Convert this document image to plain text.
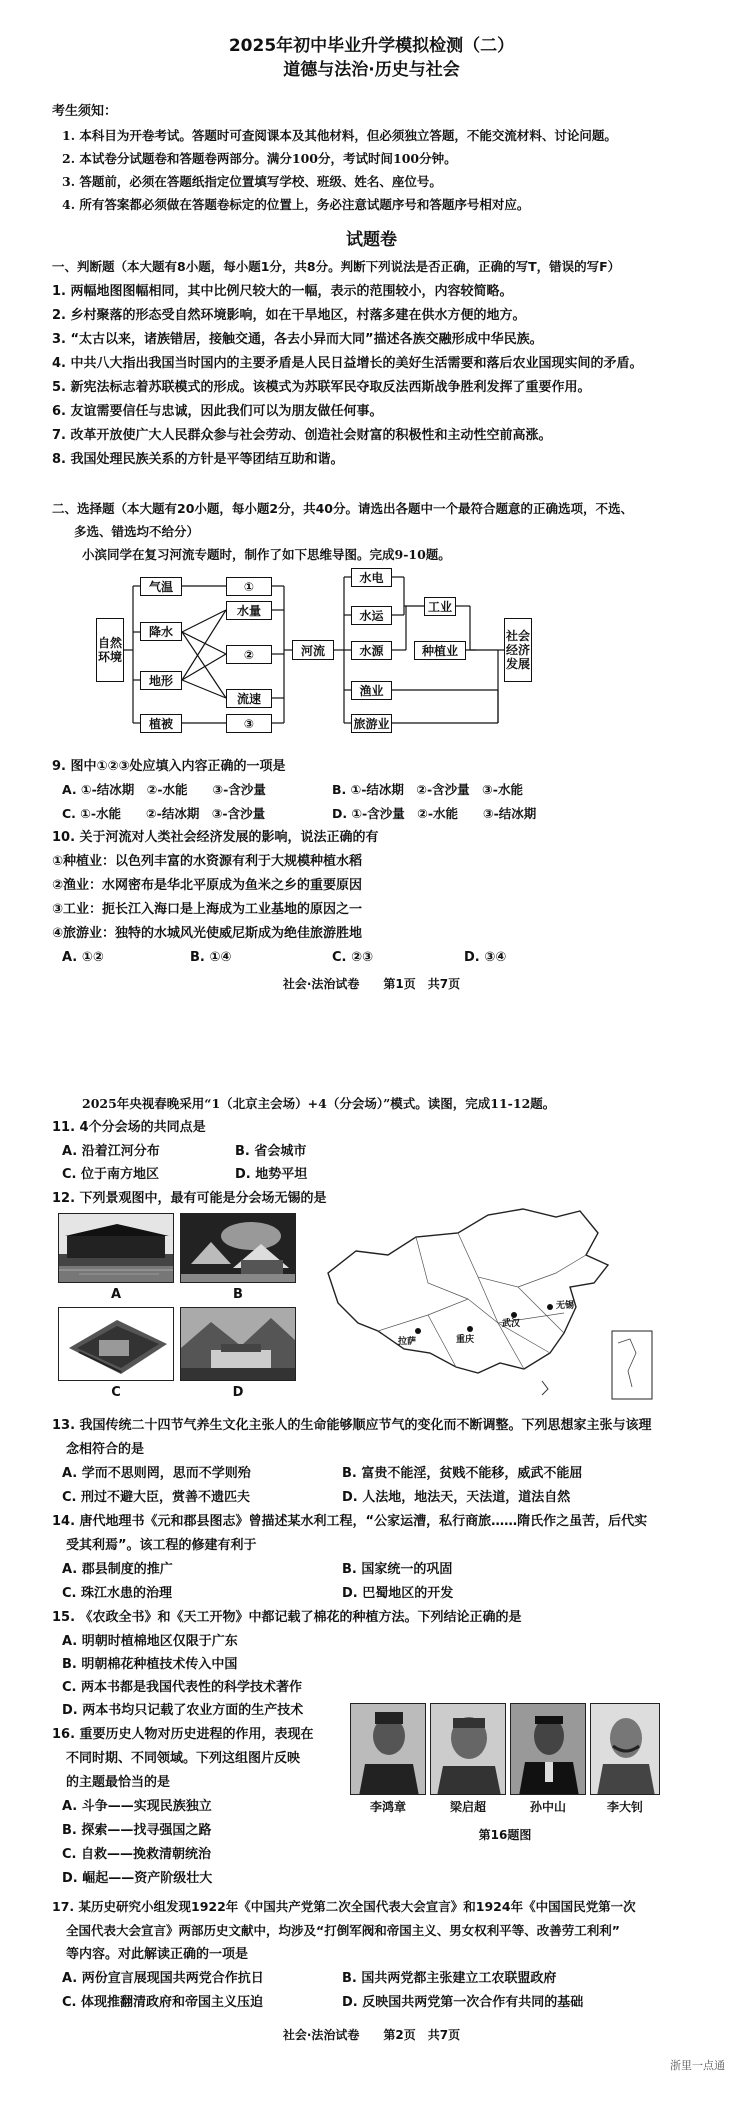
2025年初中毕业升学模拟检测（二）
道德与法治·历史与社会
考生须知：
1. 本科目为开卷考试。答题时可查阅课本及其他材料，但必须独立答题，不能交流材料、讨论问题。
2. 本试卷分试题卷和答题卷两部分。满分100分，考试时间100分钟。
3. 答题前，必须在答题纸指定位置填写学校、班级、姓名、座位号。
4. 所有答案都必须做在答题卷标定的位置上，务必注意试题序号和答题序号相对应。
试题卷
一、判断题（本大题有8小题，每小题1分，共8分。判断下列说法是否正确，正确的写T，错误的写F）
1. 两幅地图图幅相同，其中比例尺较大的一幅，表示的范围较小，内容较简略。
2. 乡村聚落的形态受自然环境影响，如在干旱地区，村落多建在供水方便的地方。
3. “太古以来，诸族错居，接触交通，各去小异而大同”描述各族交融形成中华民族。
4. 中共八大指出我国当时国内的主要矛盾是人民日益增长的美好生活需要和落后农业国现实间的矛盾。
5. 新宪法标志着苏联模式的形成。该模式为苏联军民夺取反法西斯战争胜利发挥了重要作用。
6. 友谊需要信任与忠诚，因此我们可以为朋友做任何事。
7. 改革开放使广大人民群众参与社会劳动、创造社会财富的积极性和主动性空前高涨。
8. 我国处理民族关系的方针是平等团结互助和谐。
二、选择题（本大题有20小题，每小题2分，共40分。请选出各题中一个最符合题意的正确选项，不选、
多选、错选均不给分）
小滨同学在复习河流专题时，制作了如下思维导图。完成9-10题。
自然环境
气温
降水
地形
植被
①
水量
②
流速
③
河流
水电
水运
水源
渔业
旅游业
工业
种植业
社会经济发展
9. 图中①②③处应填入内容正确的一项是
A. ①-结冰期　②-水能　　③-含沙量	B. ①-结冰期　②-含沙量　③-水能
C. ①-水能　　②-结冰期　③-含沙量	D. ①-含沙量　②-水能　　③-结冰期
10. 关于河流对人类社会经济发展的影响，说法正确的有
①种植业：以色列丰富的水资源有利于大规模种植水稻
②渔业：水网密布是华北平原成为鱼米之乡的重要原因
③工业：扼长江入海口是上海成为工业基地的原因之一
④旅游业：独特的水城风光使威尼斯成为绝佳旅游胜地
A. ①②	B. ①④	C. ②③	D. ③④
社会·法治试卷　　第1页　共7页
2025年央视春晚采用“1（北京主会场）+4（分会场）”模式。读图，完成11-12题。
11. 4个分会场的共同点是
A. 沿着江河分布	B. 省会城市
C. 位于南方地区	D. 地势平坦
12. 下列景观图中，最有可能是分会场无锡的是
A	B
C	D
拉萨	重庆
武汉
无锡
13. 我国传统二十四节气养生文化主张人的生命能够顺应节气的变化而不断调整。下列思想家主张与该理
念相符合的是
A. 学而不思则罔，思而不学则殆	B. 富贵不能淫，贫贱不能移，威武不能屈
C. 刑过不避大臣，赏善不遗匹夫	D. 人法地，地法天，天法道，道法自然
14. 唐代地理书《元和郡县图志》曾描述某水利工程，“公家运漕，私行商旅……隋氏作之虽苦，后代实
受其利焉”。该工程的修建有利于
A. 郡县制度的推广	B. 国家统一的巩固
C. 珠江水患的治理	D. 巴蜀地区的开发
15. 《农政全书》和《天工开物》中都记载了棉花的种植方法。下列结论正确的是
A. 明朝时植棉地区仅限于广东
B. 明朝棉花种植技术传入中国
C. 两本书都是我国代表性的科学技术著作
D. 两本书均只记载了农业方面的生产技术
16. 重要历史人物对历史进程的作用，表现在
不同时期、不同领域。下列这组图片反映
的主题最恰当的是
A. 斗争——实现民族独立
B. 探索——找寻强国之路
C. 自救——挽救清朝统治
D. 崛起——资产阶级壮大
李鸿章	梁启超	孙中山	李大钊
第16题图
17. 某历史研究小组发现1922年《中国共产党第二次全国代表大会宣言》和1924年《中国国民党第一次
全国代表大会宣言》两部历史文献中，均涉及“打倒军阀和帝国主义、男女权利平等、改善劳工利利”
等内容。对此解读正确的一项是
A. 两份宣言展现国共两党合作抗日	B. 国共两党都主张建立工农联盟政府
C. 体现推翻清政府和帝国主义压迫	D. 反映国共两党第一次合作有共同的基础
社会·法治试卷　　第2页　共7页
浙里一点通
